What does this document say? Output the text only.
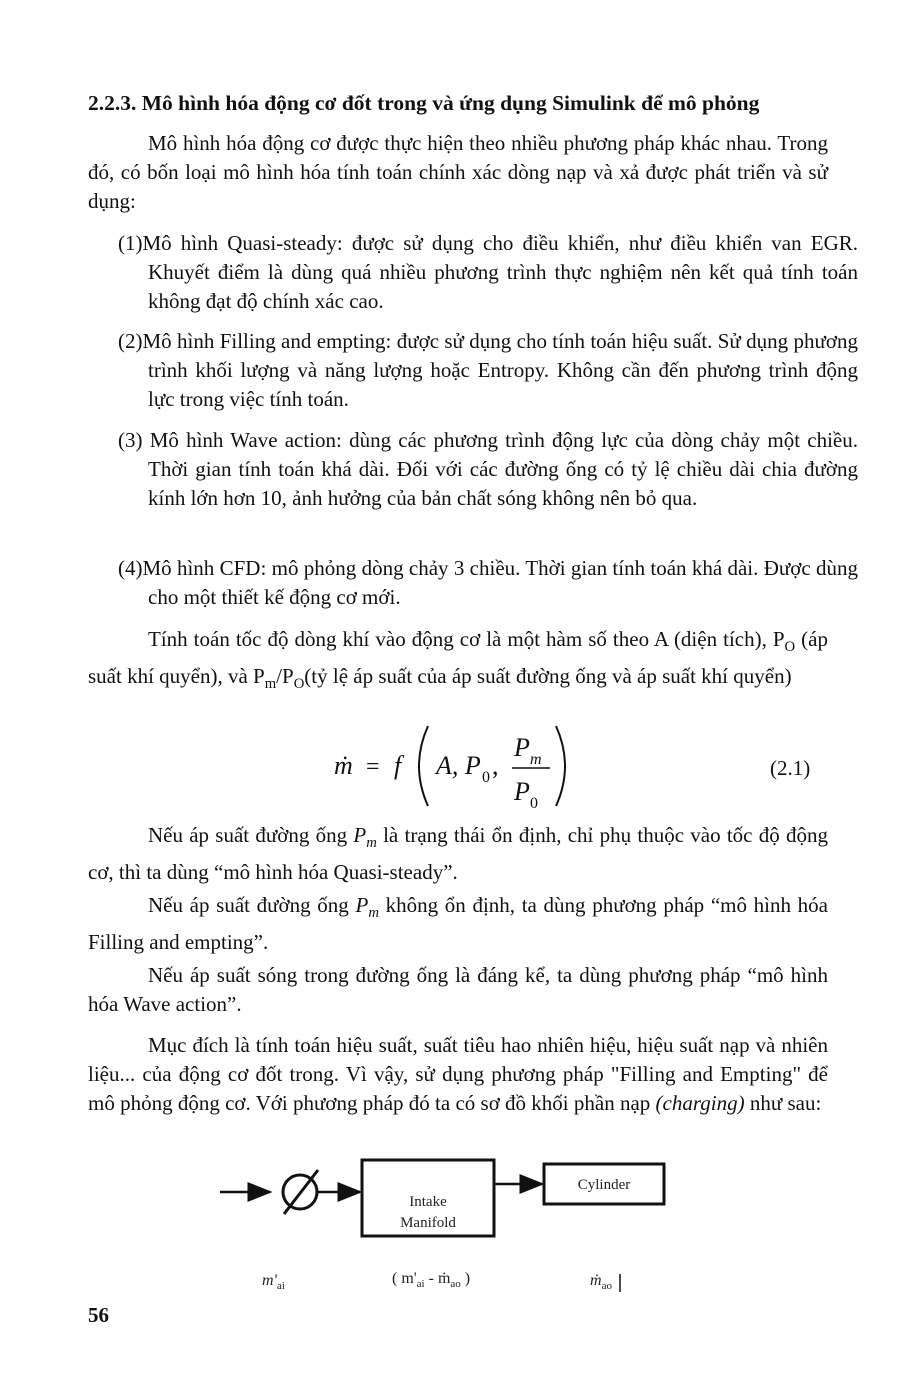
2.2.3. Mô hình hóa động cơ đốt trong và ứng dụng Simulink để mô phỏng
Mô hình hóa động cơ được thực hiện theo nhiều phương pháp khác nhau. Trong đó, có bốn loại mô hình hóa tính toán chính xác dòng nạp và xả được phát triển và sử dụng:
(1)Mô hình Quasi-steady: được sử dụng cho điều khiển, như điều khiển van EGR. Khuyết điểm là dùng quá nhiều phương trình thực nghiệm nên kết quả tính toán không đạt độ chính xác cao.
(2)Mô hình Filling and empting: được sử dụng cho tính toán hiệu suất. Sử dụng phương trình khối lượng và năng lượng hoặc Entropy. Không cần đến phương trình động lực trong việc tính toán.
(3) Mô hình Wave action: dùng các phương trình động lực của dòng chảy một chiều. Thời gian tính toán khá dài. Đối với các đường ống có tỷ lệ chiều dài chia đường kính lớn hơn 10, ảnh hưởng của bản chất sóng không nên bỏ qua.
(4)Mô hình CFD: mô phỏng dòng chảy 3 chiều. Thời gian tính toán khá dài. Được dùng cho một thiết kế động cơ mới.
Tính toán tốc độ dòng khí vào động cơ là một hàm số theo A (diện tích), $P_O$ (áp suất khí quyển), và $P_m/P_O(tỷ$ lệ áp suất của áp suất đường ống và áp suất khí quyển)
ṁ = f A, P 0 ,
P m
P 0
(2.1)
Nếu áp suất đường ống $P_m$ là trạng thái ổn định, chỉ phụ thuộc vào tốc độ động cơ, thì ta dùng “mô hình hóa Quasi-steady”.
Nếu áp suất đường ống $P_m$ không ổn định, ta dùng phương pháp “mô hình hóa Filling and empting”.
Nếu áp suất sóng trong đường ống là đáng kể, ta dùng phương pháp “mô hình hóa Wave action”.
Mục đích là tính toán hiệu suất, suất tiêu hao nhiên hiệu, hiệu suất nạp và nhiên liệu... của động cơ đốt trong. Vì vậy, sử dụng phương pháp "Filling and Empting" để mô phỏng động cơ. Với phương pháp đó ta có sơ đồ khối phần nạp (charging) như sau:
Intake
Manifold
Cylinder
$m'_{ai}$	( $m'_{ai}$ - ṁ$_{ao}$ )	ṁ$_{ao}$
56
